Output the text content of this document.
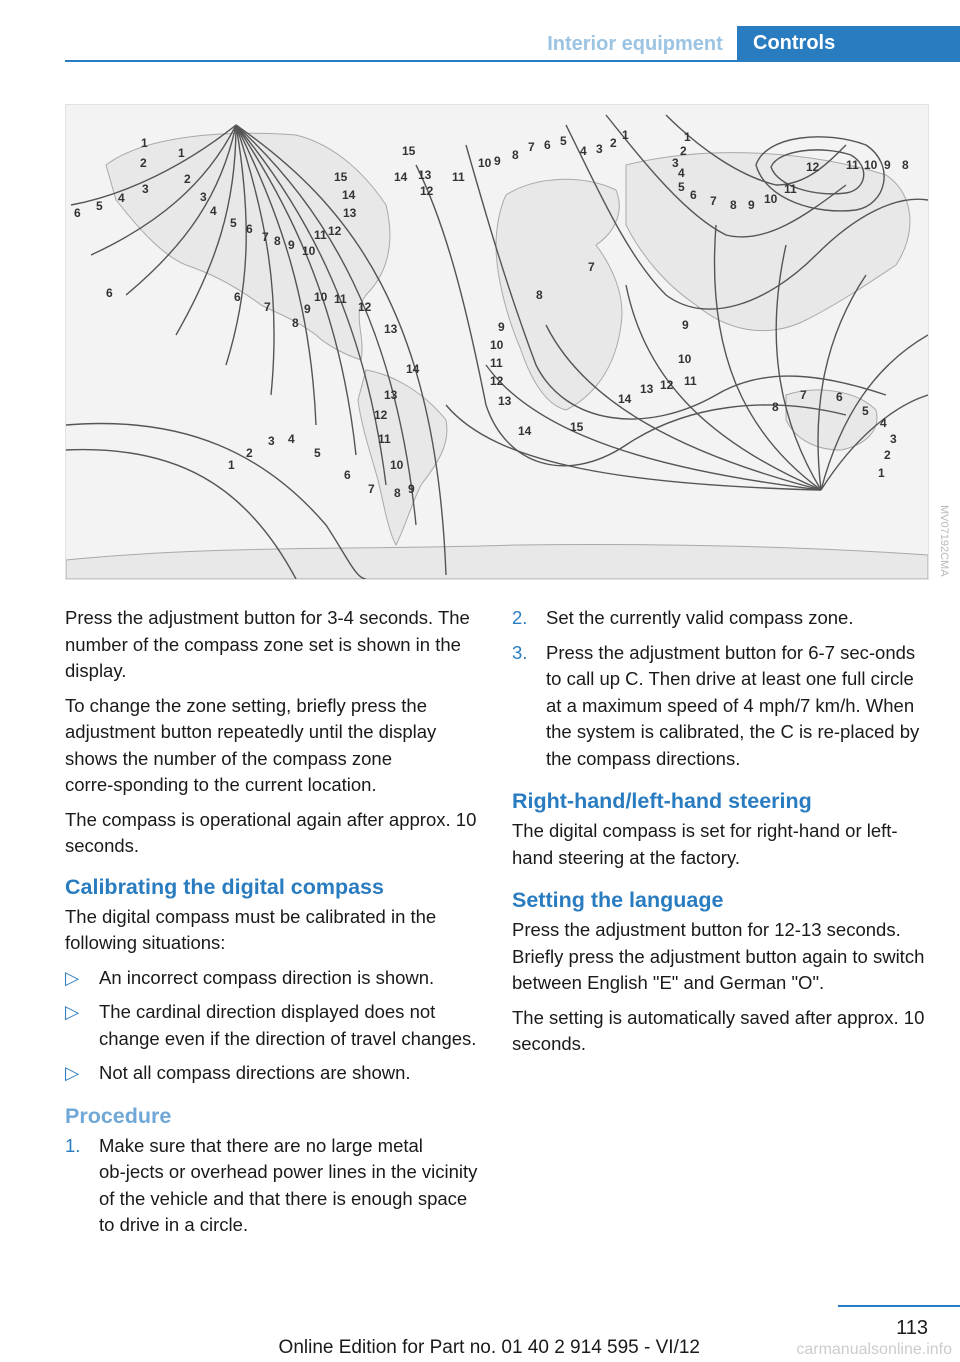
Interior equipment	Controls
1
2
3
4
5
6
1
2
3
4
5 6
7 8 9 10
11 12
13
14
15
15
14 13
12
11
10 9 8
7 6 5
4 3 2
1	1
2
3
4
5
6 7 8 9 10
11
12 11 10 9 8
6	6
7
8
9
10 11
12
13
14
13
12
11
10
9
8
7
6
5
4
3
2
1
8
7
9
10
11
12
13
14	15
14
13 12 11
10
9
8
7 6
5
4
3
2
1
MV07192CMA

Press the adjustment button for 3-4 seconds. The number of the compass zone set is shown in the display.

To change the zone setting, briefly press the adjustment button repeatedly until the display shows the number of the compass zone corre‑sponding to the current location.

The compass is operational again after approx. 10 seconds.

Calibrating the digital compass

The digital compass must be calibrated in the following situations:

▷	An incorrect compass direction is shown.
▷	The cardinal direction displayed does not change even if the direction of travel changes.
▷	Not all compass directions are shown.
Procedure
1.	Make sure that there are no large metal ob‑jects or overhead power lines in the vicinity of the vehicle and that there is enough space to drive in a circle.
2.	Set the currently valid compass zone.
3.	Press the adjustment button for 6-7 sec‑onds to call up C. Then drive at least one full circle at a maximum speed of 4 mph/7 km/h. When the system is calibrated, the C is re‑placed by the compass directions.
Right-hand/left-hand steering

The digital compass is set for right-hand or left-hand steering at the factory.

Setting the language

Press the adjustment button for 12-13 seconds. Briefly press the adjustment button again to switch between English "E" and German "O".

The setting is automatically saved after approx. 10 seconds.

113
Online Edition for Part no. 01 40 2 914 595 - VI/12	carmanualsonline.info
